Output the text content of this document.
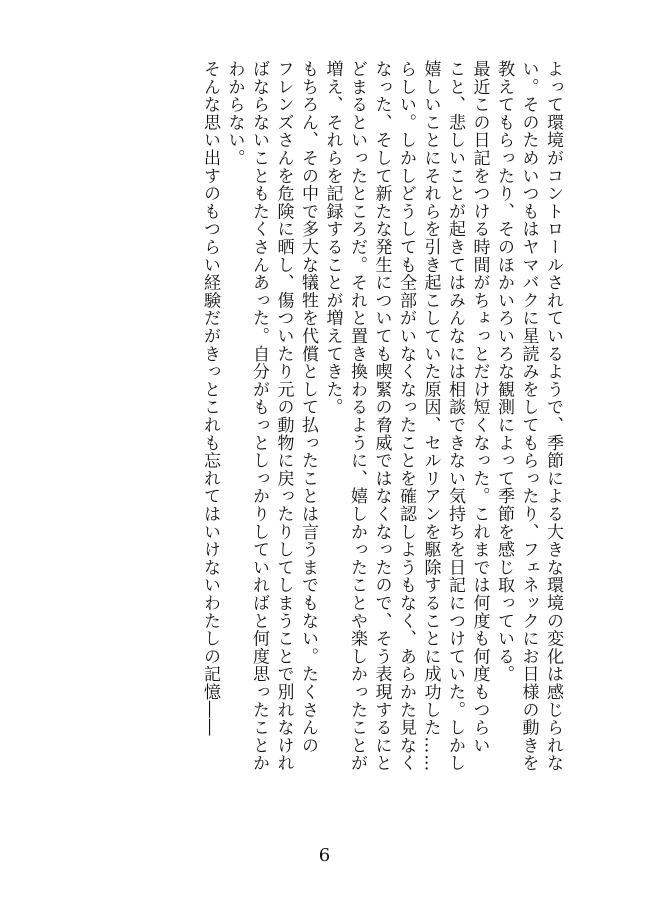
よって環境がコントロールされているようで、季節による大きな環境の変化は感じられな

い。そのためいつもはヤマバクに星読みをしてもらったり、フェネックにお日様の動きを

教えてもらったり、そのほかいろいろな観測によって季節を感じ取っている。

最近この日記をつける時間がちょっとだけ短くなった。これまでは何度も何度もつらい

こと、悲しいことが起きてはみんなには相談できない気持ちを日記につけていた。しかし

嬉しいことにそれらを引き起こしていた原因、セルリアンを駆除することに成功した……

らしい。しかしどうしても全部がいなくなったことを確認しようもなく、あらかた見なく

なった、そして新たな発生についても喫緊の脅威ではなくなったので、そう表現するにと

どまるといったところだ。それと置き換わるように、嬉しかったことや楽しかったことが

増え、それらを記録することが増えてきた。

もちろん、その中で多大な犠牲を代償として払ったことは言うまでもない。たくさんの

フレンズさんを危険に晒し、傷ついたり元の動物に戻ったりしてしまうことで別れなけれ

ばならないこともたくさんあった。自分がもっとしっかりしていればと何度思ったことか

わからない。

そんな思い出すのもつらい経験だがきっとこれも忘れてはいけないわたしの記憶――

6
